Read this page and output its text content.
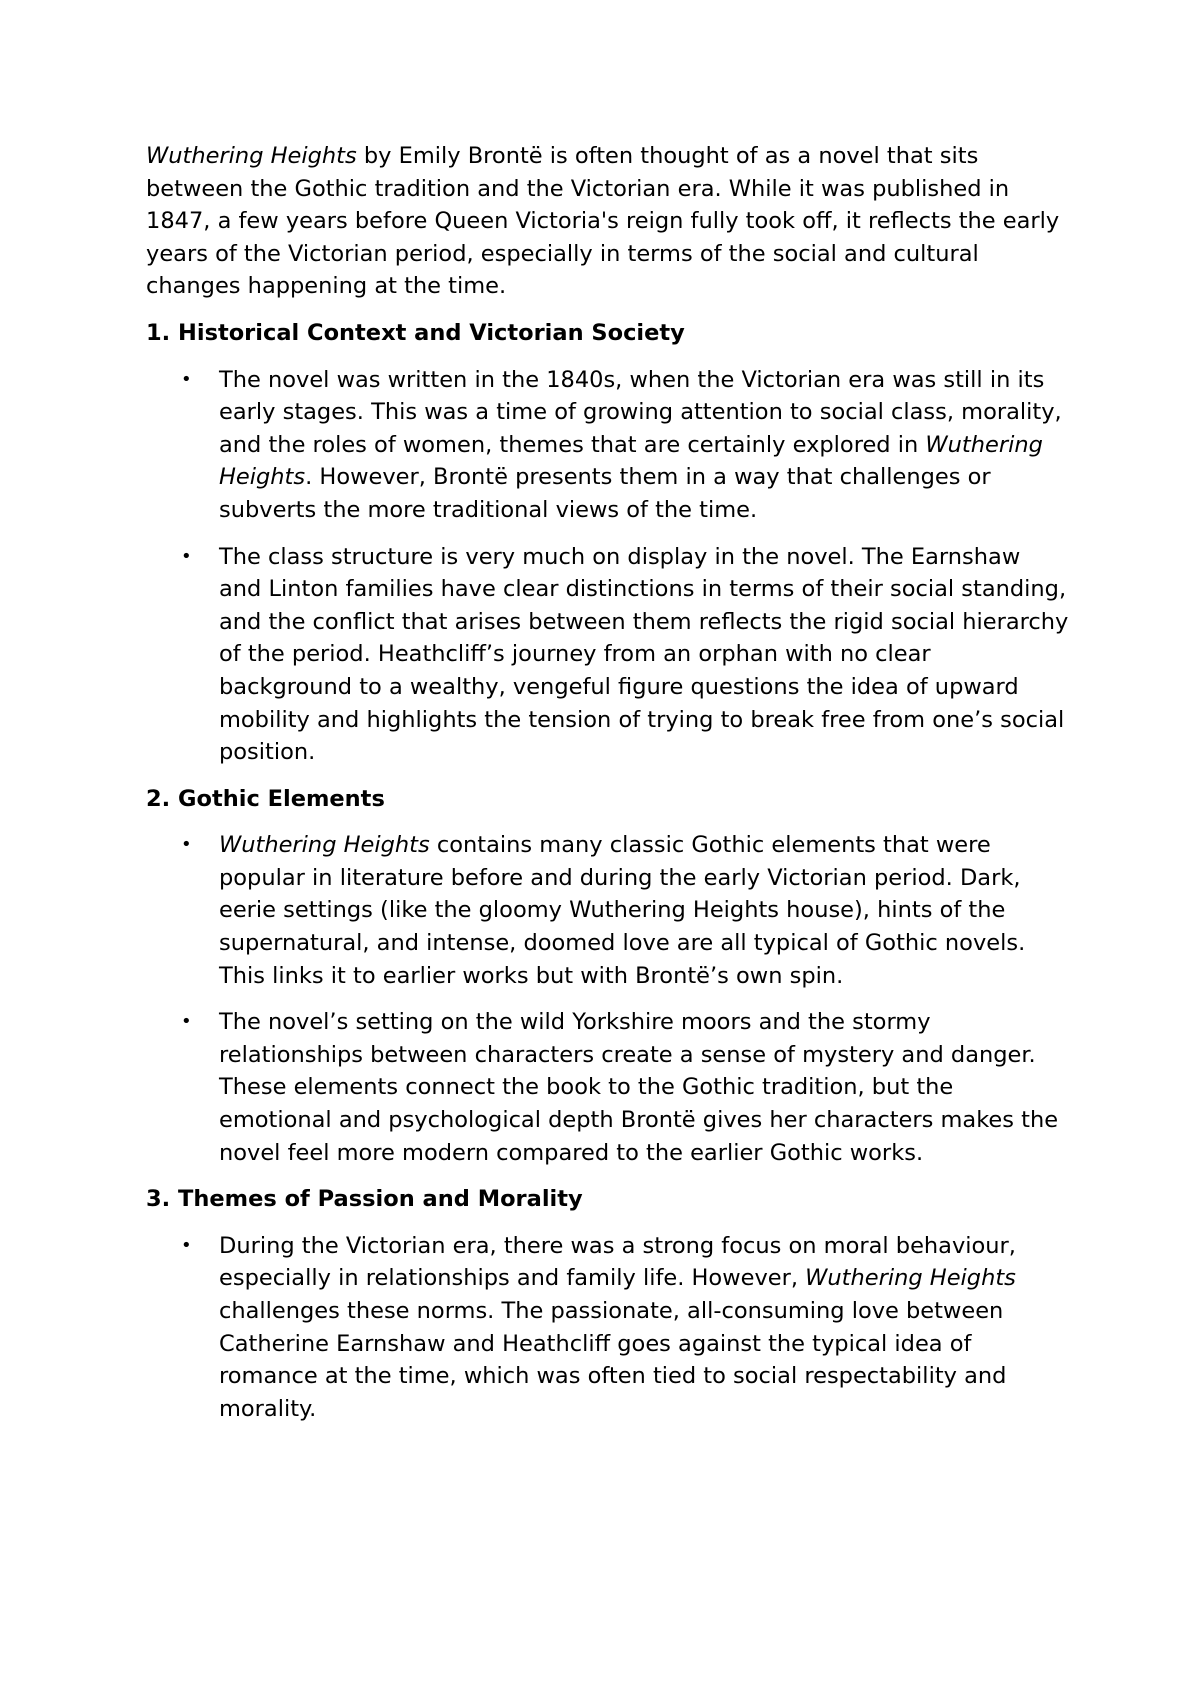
Wuthering Heights by Emily Brontë is often thought of as a novel that sits between the Gothic tradition and the Victorian era. While it was published in 1847, a few years before Queen Victoria's reign fully took off, it reflects the early years of the Victorian period, especially in terms of the social and cultural changes happening at the time.

1. Historical Context and Victorian Society
• The novel was written in the 1840s, when the Victorian era was still in its early stages. This was a time of growing attention to social class, morality, and the roles of women, themes that are certainly explored in Wuthering Heights. However, Brontë presents them in a way that challenges or subverts the more traditional views of the time.
• The class structure is very much on display in the novel. The Earnshaw and Linton families have clear distinctions in terms of their social standing, and the conflict that arises between them reflects the rigid social hierarchy of the period. Heathcliff’s journey from an orphan with no clear background to a wealthy, vengeful figure questions the idea of upward mobility and highlights the tension of trying to break free from one’s social position.
2. Gothic Elements
• Wuthering Heights contains many classic Gothic elements that were popular in literature before and during the early Victorian period. Dark, eerie settings (like the gloomy Wuthering Heights house), hints of the supernatural, and intense, doomed love are all typical of Gothic novels. This links it to earlier works but with Brontë’s own spin.
• The novel’s setting on the wild Yorkshire moors and the stormy relationships between characters create a sense of mystery and danger. These elements connect the book to the Gothic tradition, but the emotional and psychological depth Brontë gives her characters makes the novel feel more modern compared to the earlier Gothic works.
3. Themes of Passion and Morality
• During the Victorian era, there was a strong focus on moral behaviour, especially in relationships and family life. However, Wuthering Heights challenges these norms. The passionate, all-consuming love between Catherine Earnshaw and Heathcliff goes against the typical idea of romance at the time, which was often tied to social respectability and morality.
